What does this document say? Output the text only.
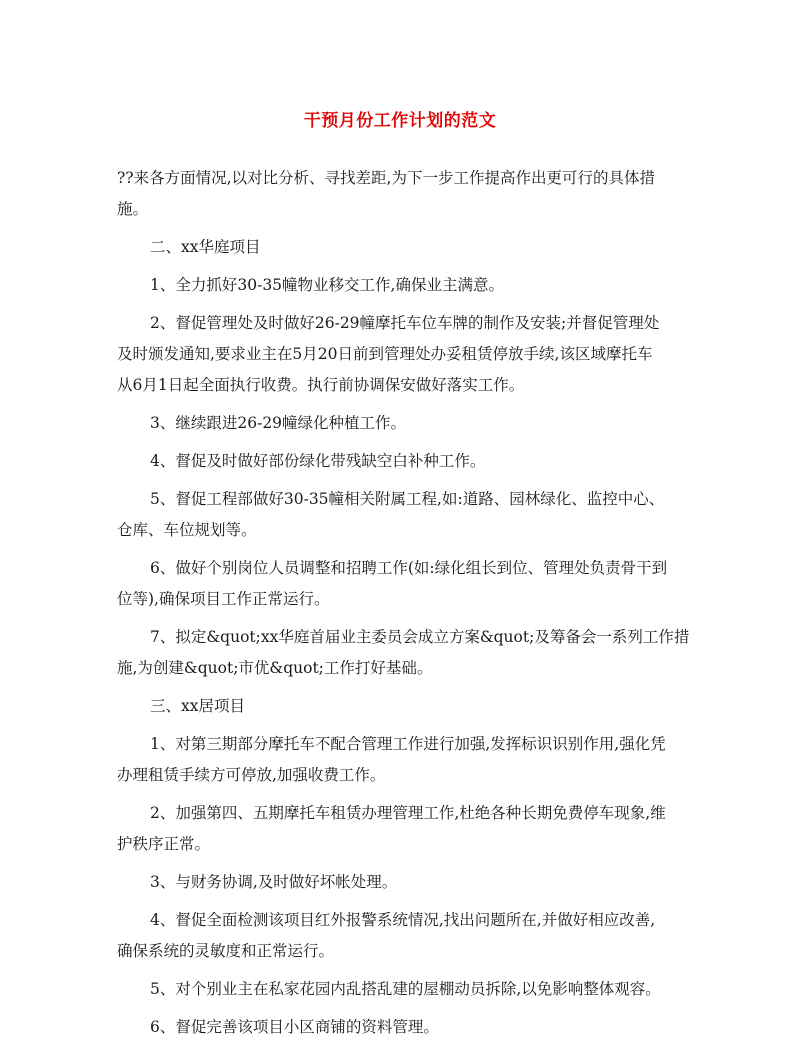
干预月份工作计划的范文
??来各方面情况,以对比分析、寻找差距,为下一步工作提高作出更可行的具体措
施。
二、xx华庭项目
1、全力抓好30-35幢物业移交工作,确保业主满意。
2、督促管理处及时做好26-29幢摩托车位车牌的制作及安装;并督促管理处
及时颁发通知,要求业主在5月20日前到管理处办妥租赁停放手续,该区域摩托车
从6月1日起全面执行收费。执行前协调保安做好落实工作。
3、继续跟进26-29幢绿化种植工作。
4、督促及时做好部份绿化带残缺空白补种工作。
5、督促工程部做好30-35幢相关附属工程,如:道路、园林绿化、监控中心、
仓库、车位规划等。
6、做好个别岗位人员调整和招聘工作(如:绿化组长到位、管理处负责骨干到
位等),确保项目工作正常运行。
7、拟定&quot;xx华庭首届业主委员会成立方案&quot;及筹备会一系列工作措
施,为创建&quot;市优&quot;工作打好基础。
三、xx居项目
1、对第三期部分摩托车不配合管理工作进行加强,发挥标识识别作用,强化凭
办理租赁手续方可停放,加强收费工作。
2、加强第四、五期摩托车租赁办理管理工作,杜绝各种长期免费停车现象,维
护秩序正常。
3、与财务协调,及时做好坏帐处理。
4、督促全面检测该项目红外报警系统情况,找出问题所在,并做好相应改善,
确保系统的灵敏度和正常运行。
5、对个别业主在私家花园内乱搭乱建的屋棚动员拆除,以免影响整体观容。
6、督促完善该项目小区商铺的资料管理。
